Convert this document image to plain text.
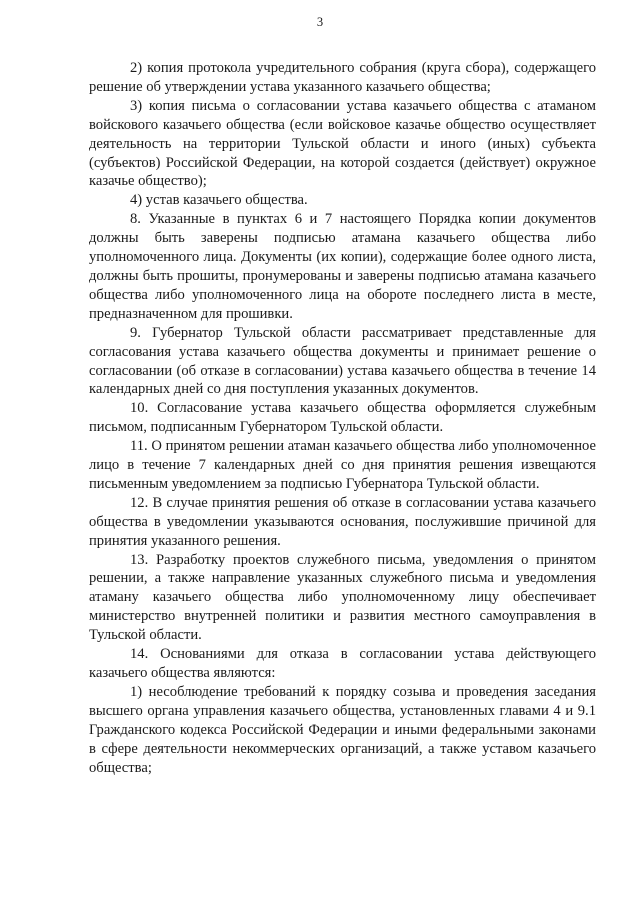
3

2) копия протокола учредительного собрания (круга сбора), содержащего решение об утверждении устава указанного казачьего общества;

3) копия письма о согласовании устава казачьего общества с атаманом войскового казачьего общества (если войсковое казачье общество осуществляет деятельность на территории Тульской области и иного (иных) субъекта (субъектов) Российской Федерации, на которой создается (действует) окружное казачье общество);

4) устав казачьего общества.

8. Указанные в пунктах 6 и 7 настоящего Порядка копии документов должны быть заверены подписью атамана казачьего общества либо уполномоченного лица. Документы (их копии), содержащие более одного листа, должны быть прошиты, пронумерованы и заверены подписью атамана казачьего общества либо уполномоченного лица на обороте последнего листа в месте, предназначенном для прошивки.

9. Губернатор Тульской области рассматривает представленные для согласования устава казачьего общества документы и принимает решение о согласовании (об отказе в согласовании) устава казачьего общества в течение 14 календарных дней со дня поступления указанных документов.

10. Согласование устава казачьего общества оформляется служебным письмом, подписанным Губернатором Тульской области.

11. О принятом решении атаман казачьего общества либо уполномоченное лицо в течение 7 календарных дней со дня принятия решения извещаются письменным уведомлением за подписью Губернатора Тульской области.

12. В случае принятия решения об отказе в согласовании устава казачьего общества в уведомлении указываются основания, послужившие причиной для принятия указанного решения.

13. Разработку проектов служебного письма, уведомления о принятом решении, а также направление указанных служебного письма и уведомления атаману казачьего общества либо уполномоченному лицу обеспечивает министерство внутренней политики и развития местного самоуправления в Тульской области.

14. Основаниями для отказа в согласовании устава действующего казачьего общества являются:

1) несоблюдение требований к порядку созыва и проведения заседания высшего органа управления казачьего общества, установленных главами 4 и 9.1 Гражданского кодекса Российской Федерации и иными федеральными законами в сфере деятельности некоммерческих организаций, а также уставом казачьего общества;
